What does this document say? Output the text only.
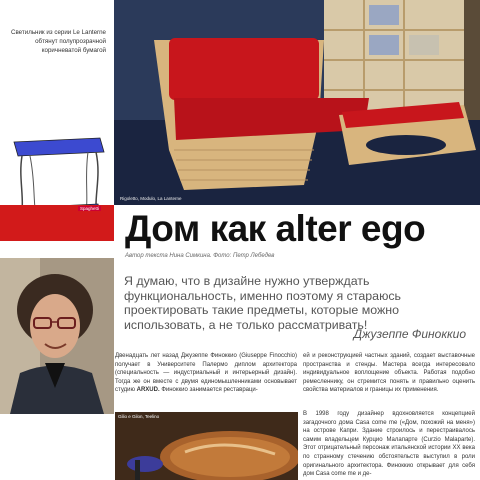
Светильник из серии Le Lanterne обтянут полупрозрачной коричневатой бумагой
Spaghetti
Rigoletto, Modulo, La Lanterne
Дом как alter ego
Автор текста Нина Симкина. Фото: Петр Лебедев

Я думаю, что в дизайне нужно утверждать функциональность, именно поэтому я стараюсь проектировать такие предметы, которые можно использовать, а не только рассматривать!

Джузеппе Финоккио

Двенадцать лет назад Джузеппе Финоккио (Giuseppe Finocchio) получает в Университете Палермо диплом архитектора (специальность — индустриальный и интерьерный дизайн). Тогда же он вместе с двумя единомышленниками основывает студию ARXUD. Финоккио занимается реставраци-

ей и реконструкцией частных зданий, создает выставочные пространства и стенды. Мастера всегда интересовало индивидуальное воплощение объекта. Работая подобно ремесленнику, он стремится понять и правильно оценить свойства материалов и границы их применения.

В 1998 году дизайнер вдохновляется концепцией загадочного дома Casa come me («Дом, похожий на меня») на острове Капри. Здание строилось и перестраивалось самим владельцем Курцио Малапарте (Curzio Malaparte). Этот отрицательный персонаж итальянской истории XX века по странному стечению обстоятельств выступил в роли оригинального архитектора. Финоккио открывает для себя дом Casa come me и де-

Gilio e Gilon, Teelino
